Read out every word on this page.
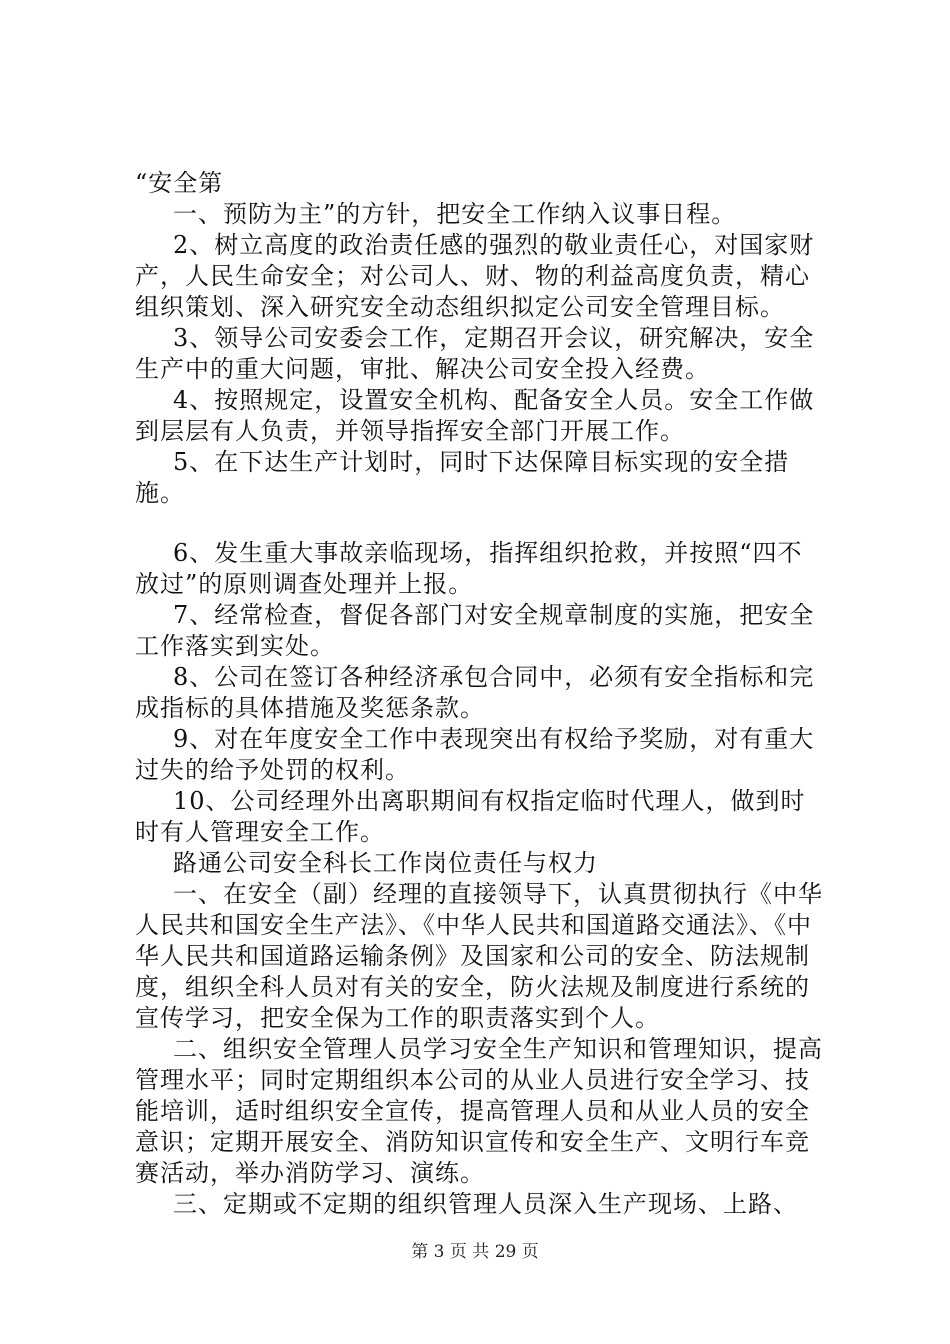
“安全第

一、预防为主”的方针，把安全工作纳入议事日程。

2、树立高度的政治责任感的强烈的敬业责任心，对国家财产，人民生命安全；对公司人、财、物的利益高度负责，精心组织策划、深入研究安全动态组织拟定公司安全管理目标。

3、领导公司安委会工作，定期召开会议，研究解决，安全生产中的重大问题，审批、解决公司安全投入经费。

4、按照规定，设置安全机构、配备安全人员。安全工作做到层层有人负责，并领导指挥安全部门开展工作。

5、在下达生产计划时，同时下达保障目标实现的安全措施。

6、发生重大事故亲临现场，指挥组织抢救，并按照“四不放过”的原则调查处理并上报。

7、经常检查，督促各部门对安全规章制度的实施，把安全工作落实到实处。

8、公司在签订各种经济承包合同中，必须有安全指标和完成指标的具体措施及奖惩条款。

9、对在年度安全工作中表现突出有权给予奖励，对有重大过失的给予处罚的权利。

10、公司经理外出离职期间有权指定临时代理人，做到时时有人管理安全工作。

路通公司安全科长工作岗位责任与权力

一、在安全（副）经理的直接领导下，认真贯彻执行《中华人民共和国安全生产法》、《中华人民共和国道路交通法》、《中华人民共和国道路运输条例》及国家和公司的安全、防法规制度，组织全科人员对有关的安全，防火法规及制度进行系统的宣传学习，把安全保为工作的职责落实到个人。

二、组织安全管理人员学习安全生产知识和管理知识，提高管理水平；同时定期组织本公司的从业人员进行安全学习、技能培训，适时组织安全宣传，提高管理人员和从业人员的安全意识；定期开展安全、消防知识宣传和安全生产、文明行车竞赛活动，举办消防学习、演练。

三、定期或不定期的组织管理人员深入生产现场、上路、

第 3 页 共 29 页
